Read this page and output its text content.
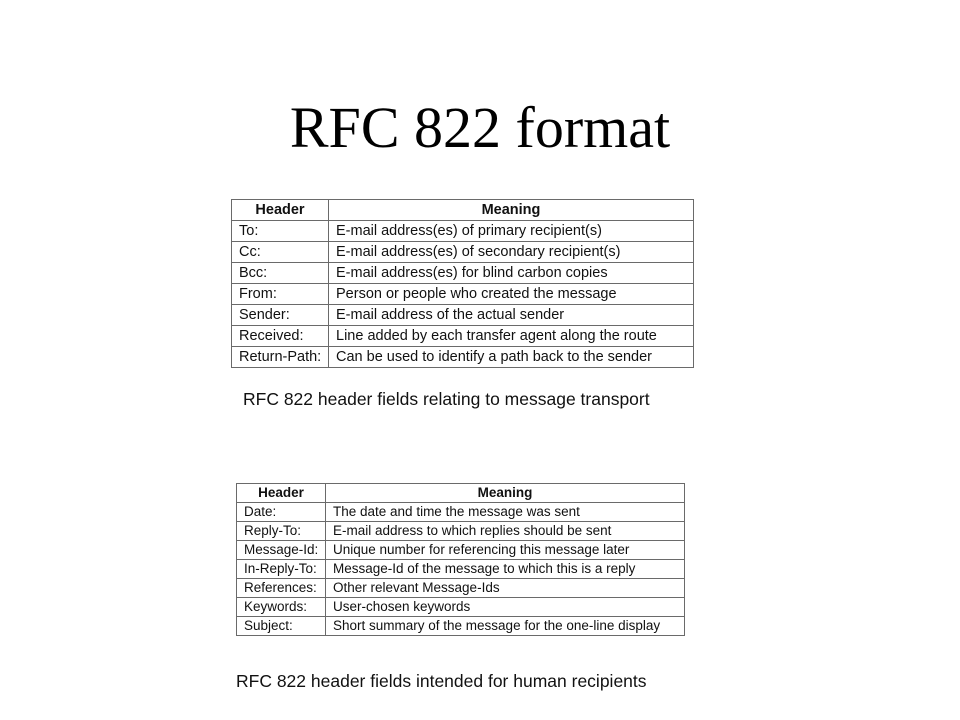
RFC 822 format
Header	Meaning
To:	E-mail address(es) of primary recipient(s)
Cc:	E-mail address(es) of secondary recipient(s)
Bcc:	E-mail address(es) for blind carbon copies
From:	Person or people who created the message
Sender:	E-mail address of the actual sender
Received:	Line added by each transfer agent along the route
Return-Path:	Can be used to identify a path back to the sender
RFC 822 header fields relating to message transport
Header	Meaning
Date:	The date and time the message was sent
Reply-To:	E-mail address to which replies should be sent
Message-Id:	Unique number for referencing this message later
In-Reply-To:	Message-Id of the message to which this is a reply
References:	Other relevant Message-Ids
Keywords:	User-chosen keywords
Subject:	Short summary of the message for the one-line display
RFC 822 header fields intended for human recipients
